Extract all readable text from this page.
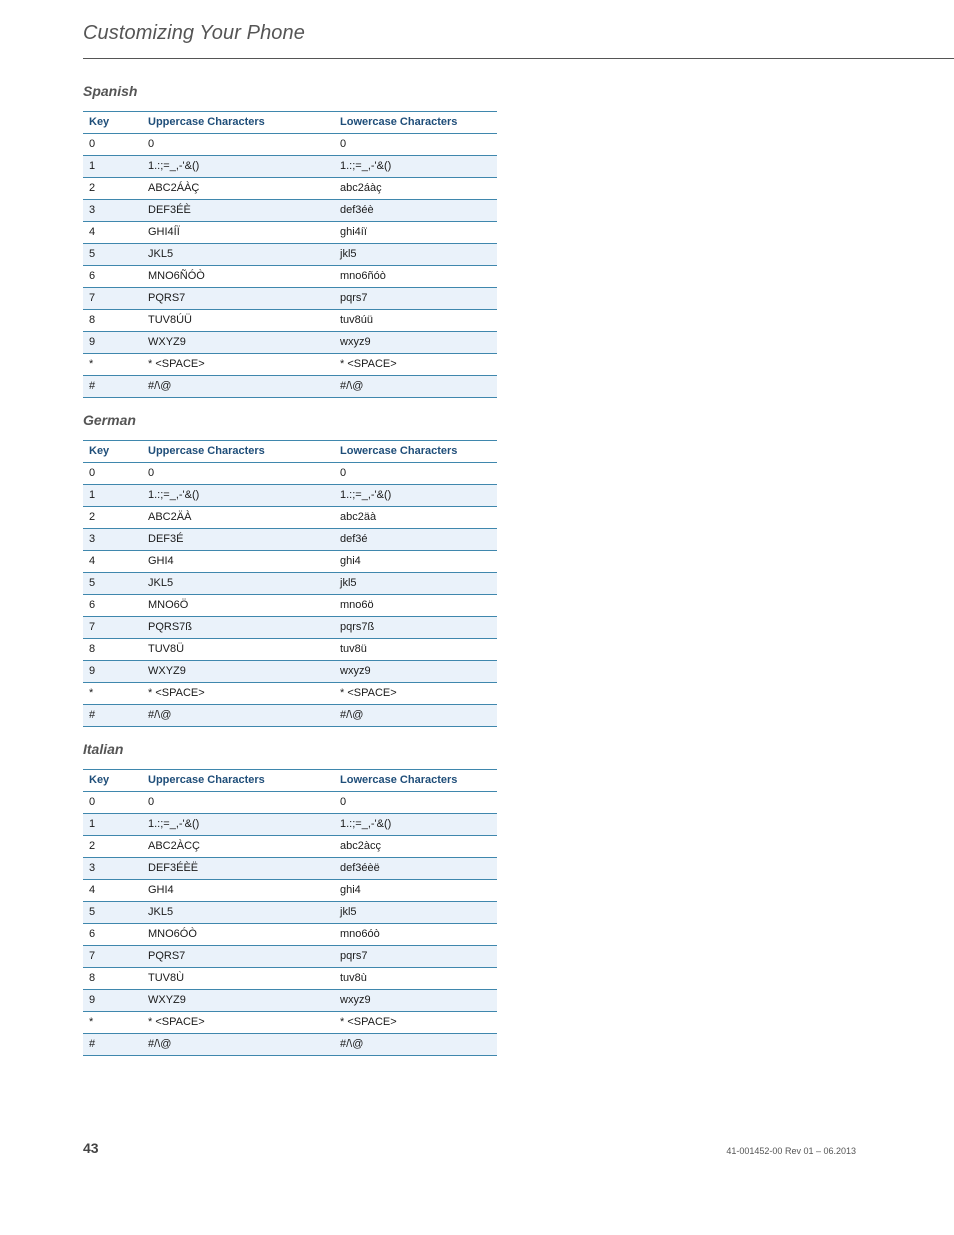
Customizing Your Phone
Spanish
Key	Uppercase Characters	Lowercase Characters
0	0	0
1	1.:;=_,-'&()	1.:;=_,-'&()
2	ABC2ÁÀÇ	abc2áàç
3	DEF3ÉÈ	def3éè
4	GHI4ÍÏ	ghi4íï
5	JKL5	jkl5
6	MNO6ÑÓÒ	mno6ñóò
7	PQRS7	pqrs7
8	TUV8ÚÜ	tuv8úü
9	WXYZ9	wxyz9
*	* <SPACE>	* <SPACE>
#	#/\@	#/\@
German
Key	Uppercase Characters	Lowercase Characters
0	0	0
1	1.:;=_,-'&()	1.:;=_,-'&()
2	ABC2ÄÀ	abc2äà
3	DEF3É	def3é
4	GHI4	ghi4
5	JKL5	jkl5
6	MNO6Ö	mno6ö
7	PQRS7ß	pqrs7ß
8	TUV8Ü	tuv8ü
9	WXYZ9	wxyz9
*	* <SPACE>	* <SPACE>
#	#/\@	#/\@
Italian
Key	Uppercase Characters	Lowercase Characters
0	0	0
1	1.:;=_,-'&()	1.:;=_,-'&()
2	ABC2ÀCÇ	abc2àcç
3	DEF3ÉÈË	def3éèë
4	GHI4	ghi4
5	JKL5	jkl5
6	MNO6ÓÒ	mno6óò
7	PQRS7	pqrs7
8	TUV8Ù	tuv8ù
9	WXYZ9	wxyz9
*	* <SPACE>	* <SPACE>
#	#/\@	#/\@
43	41-001452-00 Rev 01 – 06.2013
